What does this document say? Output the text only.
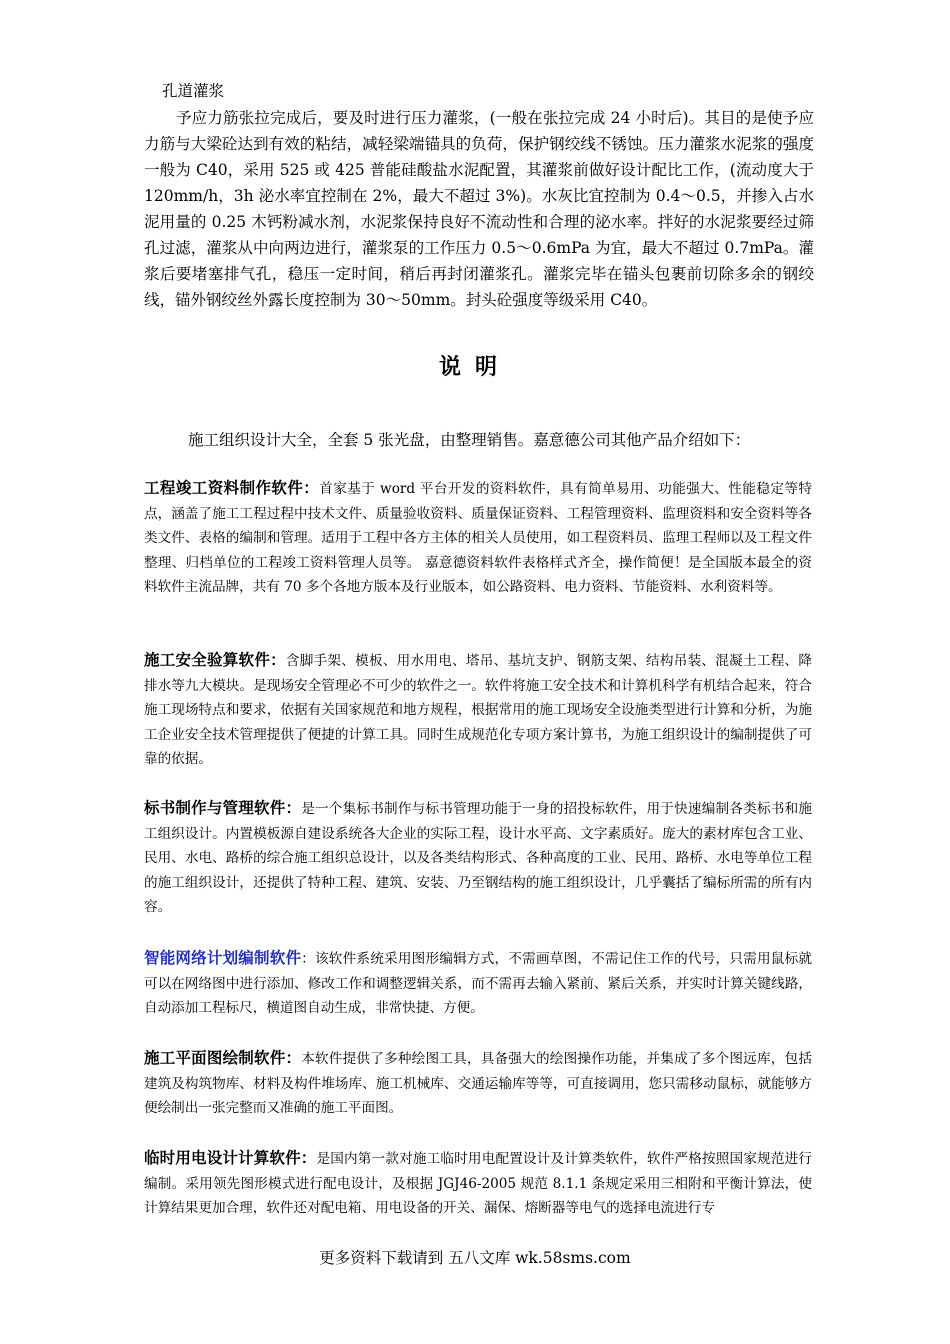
孔道灌浆

予应力筋张拉完成后，要及时进行压力灌浆，(一般在张拉完成 24 小时后)。其目的是使予应力筋与大梁砼达到有效的粘结，减轻梁端锚具的负荷，保护钢绞线不锈蚀。压力灌浆水泥浆的强度一般为 C40，采用 525 或 425 普能硅酸盐水泥配置，其灌浆前做好设计配比工作，(流动度大于 120mm/h，3h 泌水率宜控制在 2%，最大不超过 3%)。水灰比宜控制为 0.4～0.5，并掺入占水泥用量的 0.25 木钙粉减水剂，水泥浆保持良好不流动性和合理的泌水率。拌好的水泥浆要经过筛孔过滤，灌浆从中向两边进行，灌浆泵的工作压力 0.5～0.6mPa 为宜，最大不超过 0.7mPa。灌浆后要堵塞排气孔，稳压一定时间，稍后再封闭灌浆孔。灌浆完毕在锚头包裹前切除多余的钢绞线，锚外钢绞丝外露长度控制为 30～50mm。封头砼强度等级采用 C40。

说明

施工组织设计大全，全套 5 张光盘，由整理销售。嘉意德公司其他产品介绍如下：

工程竣工资料制作软件：首家基于 word 平台开发的资料软件，具有简单易用、功能强大、性能稳定等特点，涵盖了施工工程过程中技术文件、质量验收资料、质量保证资料、工程管理资料、监理资料和安全资料等各类文件、表格的编制和管理。适用于工程中各方主体的相关人员使用，如工程资料员、监理工程师以及工程文件整理、归档单位的工程竣工资料管理人员等。 嘉意德资料软件表格样式齐全，操作简便！是全国版本最全的资料软件主流品牌，共有 70 多个各地方版本及行业版本，如公路资料、电力资料、节能资料、水利资料等。

施工安全验算软件：含脚手架、模板、用水用电、塔吊、基坑支护、钢筋支架、结构吊装、混凝土工程、降排水等九大模块。是现场安全管理必不可少的软件之一。软件将施工安全技术和计算机科学有机结合起来，符合施工现场特点和要求，依据有关国家规范和地方规程，根据常用的施工现场安全设施类型进行计算和分析，为施工企业安全技术管理提供了便捷的计算工具。同时生成规范化专项方案计算书，为施工组织设计的编制提供了可靠的依据。

标书制作与管理软件：是一个集标书制作与标书管理功能于一身的招投标软件，用于快速编制各类标书和施工组织设计。内置模板源自建设系统各大企业的实际工程，设计水平高、文字素质好。庞大的素材库包含工业、民用、水电、路桥的综合施工组织总设计，以及各类结构形式、各种高度的工业、民用、路桥、水电等单位工程的施工组织设计，还提供了特种工程、建筑、安装、乃至钢结构的施工组织设计，几乎囊括了编标所需的所有内容。

智能网络计划编制软件：该软件系统采用图形编辑方式，不需画草图，不需记住工作的代号，只需用鼠标就可以在网络图中进行添加、修改工作和调整逻辑关系，而不需再去输入紧前、紧后关系，并实时计算关键线路，自动添加工程标尺，横道图自动生成，非常快捷、方便。

施工平面图绘制软件：本软件提供了多种绘图工具，具备强大的绘图操作功能，并集成了多个图远库，包括建筑及构筑物库、材料及构件堆场库、施工机械库、交通运输库等等，可直接调用，您只需移动鼠标，就能够方便绘制出一张完整而又准确的施工平面图。

临时用电设计计算软件：是国内第一款对施工临时用电配置设计及计算类软件，软件严格按照国家规范进行编制。采用领先图形模式进行配电设计，及根据 JGJ46-2005 规范 8.1.1 条规定采用三相附和平衡计算法，使计算结果更加合理，软件还对配电箱、用电设备的开关、漏保、熔断器等电气的选择电流进行专

更多资料下载请到 五八文库 wk.58sms.com
